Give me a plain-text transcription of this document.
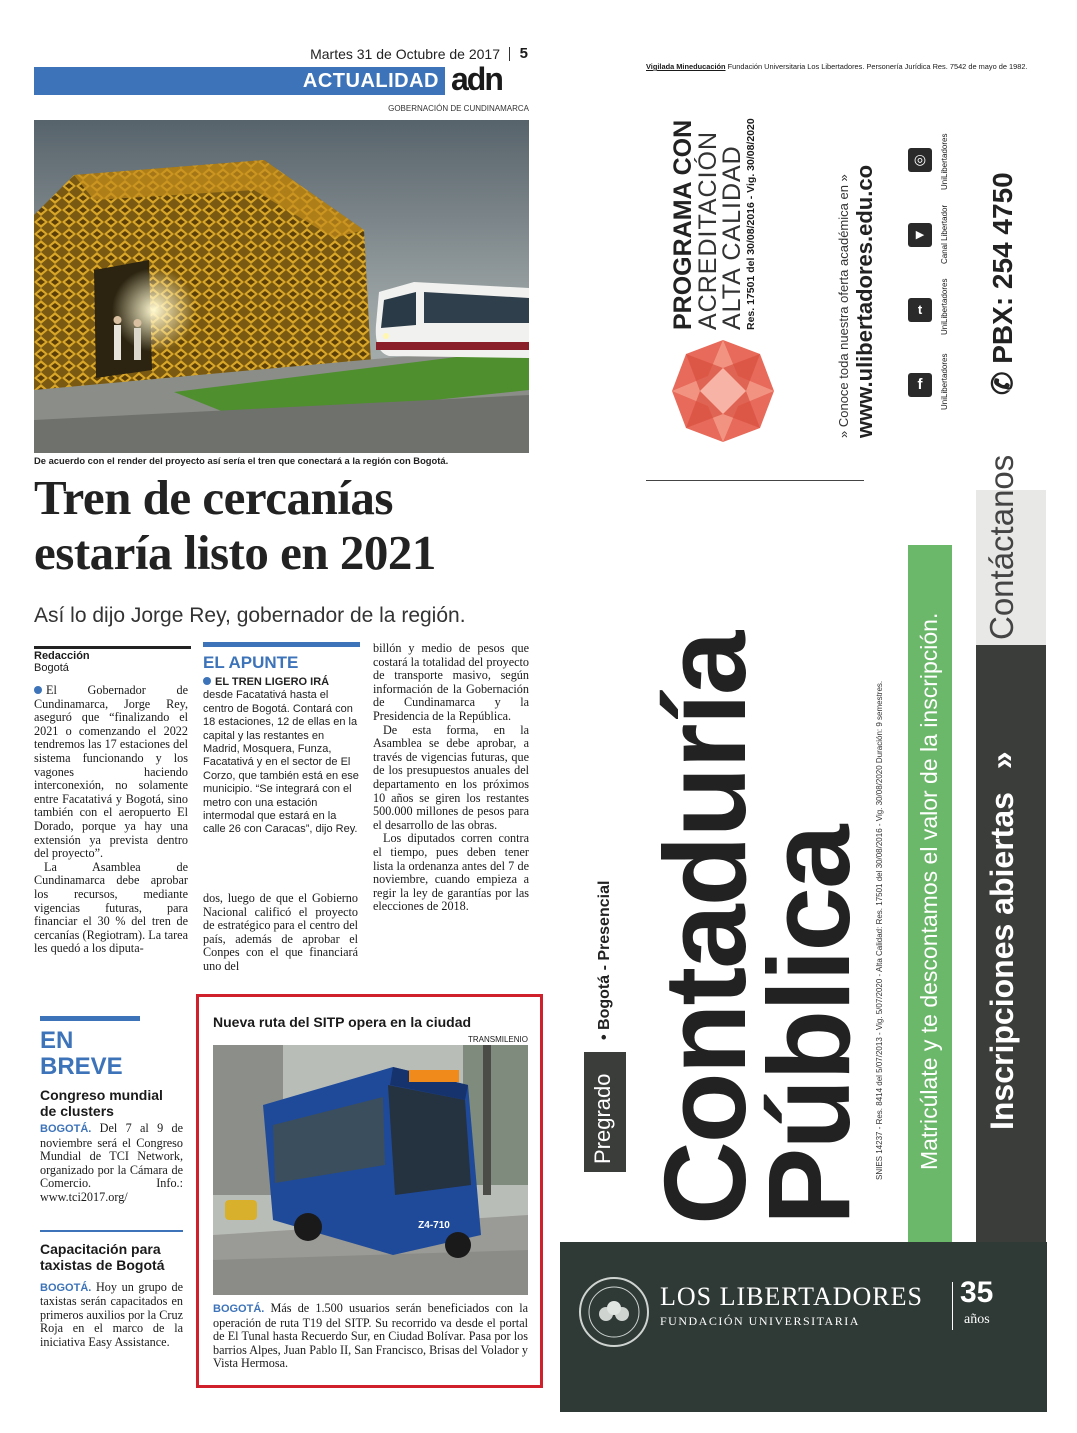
Martes 31 de Octubre de 2017 5
ACTUALIDAD adn
GOBERNACIÓN DE CUNDINAMARCA
De acuerdo con el render del proyecto así sería el tren que conectará a la región con Bogotá.
Tren de cercanías
estaría listo en 2021
Así lo dijo Jorge Rey, gobernador de la región.
Redacción
Bogotá

El Gobernador de Cundinamarca, Jorge Rey, aseguró que “finalizando el 2021 o comenzando el 2022 tendremos las 17 estaciones del sistema funcionando y los vagones haciendo interconexión, no solamente entre Facatativá y Bogotá, sino también con el aeropuerto El Dorado, porque ya hay una extensión ya prevista dentro del proyecto”.

La Asamblea de Cundinamarca debe aprobar los recursos, mediante vigencias futuras, para financiar el 30 % del tren de cercanías (Regiotram). La tarea les quedó a los diputa-

EL APUNTE
EL TREN LIGERO IRÁ desde Facatativá hasta el centro de Bogotá. Contará con 18 estaciones, 12 de ellas en la capital y las restantes en Madrid, Mosquera, Funza, Facatativá y en el sector de El Corzo, que también está en ese municipio. “Se integrará con el metro con una estación intermodal que estará en la calle 26 con Caracas”, dijo Rey.
dos, luego de que el Gobierno Nacional calificó el proyecto de estratégico para el centro del país, además de aprobar el Conpes con el que financiará uno del

billón y medio de pesos que costará la totalidad del proyecto de transporte masivo, según información de la Gobernación de Cundinamarca y la Presidencia de la República.

De esta forma, en la Asamblea se debe aprobar, a través de vigencias futuras, que de los presupuestos anuales del departamento en los próximos 10 años se giren los restantes 500.000 millones de pesos para el desarrollo de las obras.

Los diputados corren contra el tiempo, pues deben tener lista la ordenanza antes del 7 de noviembre, cuando empieza a regir la ley de garantías por las elecciones de 2018.

EN
BREVE
Congreso mundial de clusters
BOGOTÁ. Del 7 al 9 de noviembre será el Congreso Mundial de TCI Network, organizado por la Cámara de Comercio. Info.: www.tci2017.org/
Capacitación para taxistas de Bogotá
BOGOTÁ. Hoy un grupo de taxistas serán capacitados en primeros auxilios por la Cruz Roja en el marco de la iniciativa Easy Assistance.
Nueva ruta del SITP opera en la ciudad
TRANSMILENIO
Z4-710
BOGOTÁ. Más de 1.500 usuarios serán beneficiados con la operación de ruta T19 del SITP. Su recorrido va desde el portal de El Tunal hasta Recuerdo Sur, en Ciudad Bolívar. Pasa por los barrios Alpes, Juan Pablo II, San Francisco, Brisas del Volador y Vista Hermosa.
Vigilada Mineducación Fundación Universitaria Los Libertadores. Personería Jurídica Res. 7542 de mayo de 1982.
PROGRAMA CON
ACREDITACIÓN
ALTA CALIDAD Res. 17501 del 30/08/2016 - Vig. 30/08/2020	» Conoce toda nuestra oferta académica en » www.ulibertadores.edu.co	f
t
▶
◎
UniLibertadores
UniLibertadores
Canal Libertador
UniLibertadores
✆ PBX: 254 4750
Contáctanos
Inscripciones abiertas »
Matricúlate y te descontamos el valor de la inscripción.
SNIES 14237 - Res. 8414 del 5/07/2013 - Vig. 5/07/2020 - Alta Calidad: Res. 17501 del 30/08/2016 - Vig. 30/08/2020 Duración: 9 semestres.
Contaduría
Pública
Pregrado
• Bogotá - Presencial
LOS LIBERTADORES
FUNDACIÓN UNIVERSITARIA
35
años
